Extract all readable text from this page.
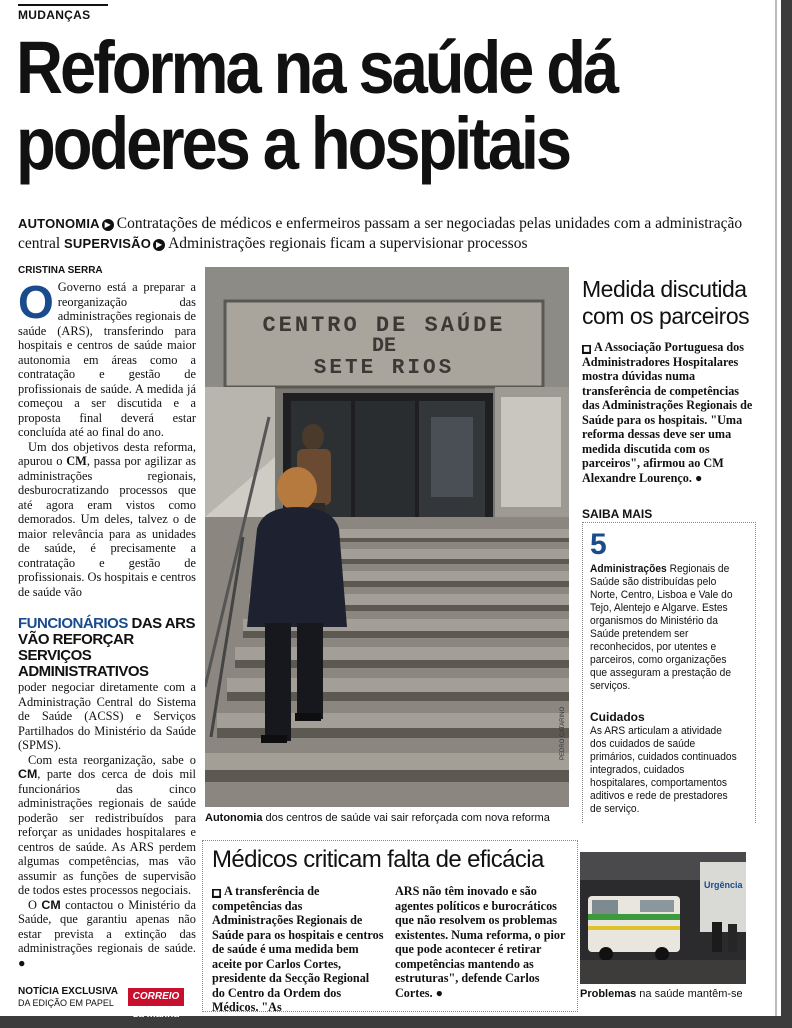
MUDANÇAS
Reforma na saúde dá
poderes a hospitais
AUTONOMIA ▶ Contratações de médicos e enfermeiros passam a ser negociadas pelas unidades com a administração central SUPERVISÃO ▶ Administrações regionais ficam a supervisionar processos
CRISTINA SERRA

O Governo está a preparar a reorganização das administrações regionais de saúde (ARS), transferindo para hospitais e centros de saúde maior autonomia em áreas como a contratação e gestão de profissionais de saúde. A medida já começou a ser discutida e a proposta final deverá estar concluída até ao final do ano.

Um dos objetivos desta reforma, apurou o CM, passa por agilizar as administrações regionais, desburocratizando processos que até agora eram vistos como demorados. Um deles, talvez o de maior relevância para as unidades de saúde, é precisamente a contratação e gestão de profissionais. Os hospitais e centros de saúde vão

FUNCIONÁRIOS DAS ARS VÃO REFORÇAR SERVIÇOS ADMINISTRATIVOS

poder negociar diretamente com a Administração Central do Sistema de Saúde (ACSS) e Serviços Partilhados do Ministério da Saúde (SPMS).

Com esta reorganização, sabe o CM, parte dos cerca de dois mil funcionários das cinco administrações regionais de saúde poderão ser redistribuídos para reforçar as unidades hospitalares e centros de saúde. As ARS perdem algumas competências, mas vão assumir as funções de supervisão de todos estes processos negociais.

O CM contactou o Ministério da Saúde, que garantiu apenas não estar prevista a extinção das administrações regionais de saúde. ●

CENTRO DE SAÚDE
DE
SETE RIOS
PEDRO CATARINO
Autonomia dos centros de saúde vai sair reforçada com nova reforma
Medida discutida com os parceiros
■ A Associação Portuguesa dos Administradores Hospitalares mostra dúvidas numa transferência de competências das Administrações Regionais de Saúde para os hospitais. "Uma reforma dessas deve ser uma medida discutida com os parceiros", afirmou ao CM Alexandre Lourenço. ●
SAIBA MAIS
5
Administrações Regionais de Saúde são distribuídas pelo Norte, Centro, Lisboa e Vale do Tejo, Alentejo e Algarve. Estes organismos do Ministério da Saúde pretendem ser reconhecidos, por utentes e parceiros, como organizações que asseguram a prestação de serviços.
Cuidados
As ARS articulam a atividade dos cuidados de saúde primários, cuidados continuados integrados, cuidados hospitalares, comportamentos aditivos e rede de prestadores de serviço.
Médicos criticam falta de eficácia
■ A transferência de competências das Administrações Regionais de Saúde para os hospitais e centros de saúde é uma medida bem aceite por Carlos Cortes, presidente da Secção Regional do Centro da Ordem dos Médicos. "As
ARS não têm inovado e são agentes políticos e burocráticos que não resolvem os problemas existentes. Numa reforma, o pior que pode acontecer é retirar competências mantendo as estruturas", defende Carlos Cortes. ●
Urgência
Problemas na saúde mantêm-se
NOTÍCIA EXCLUSIVA
DA EDIÇÃO EM PAPEL
CORREIO da manhã
